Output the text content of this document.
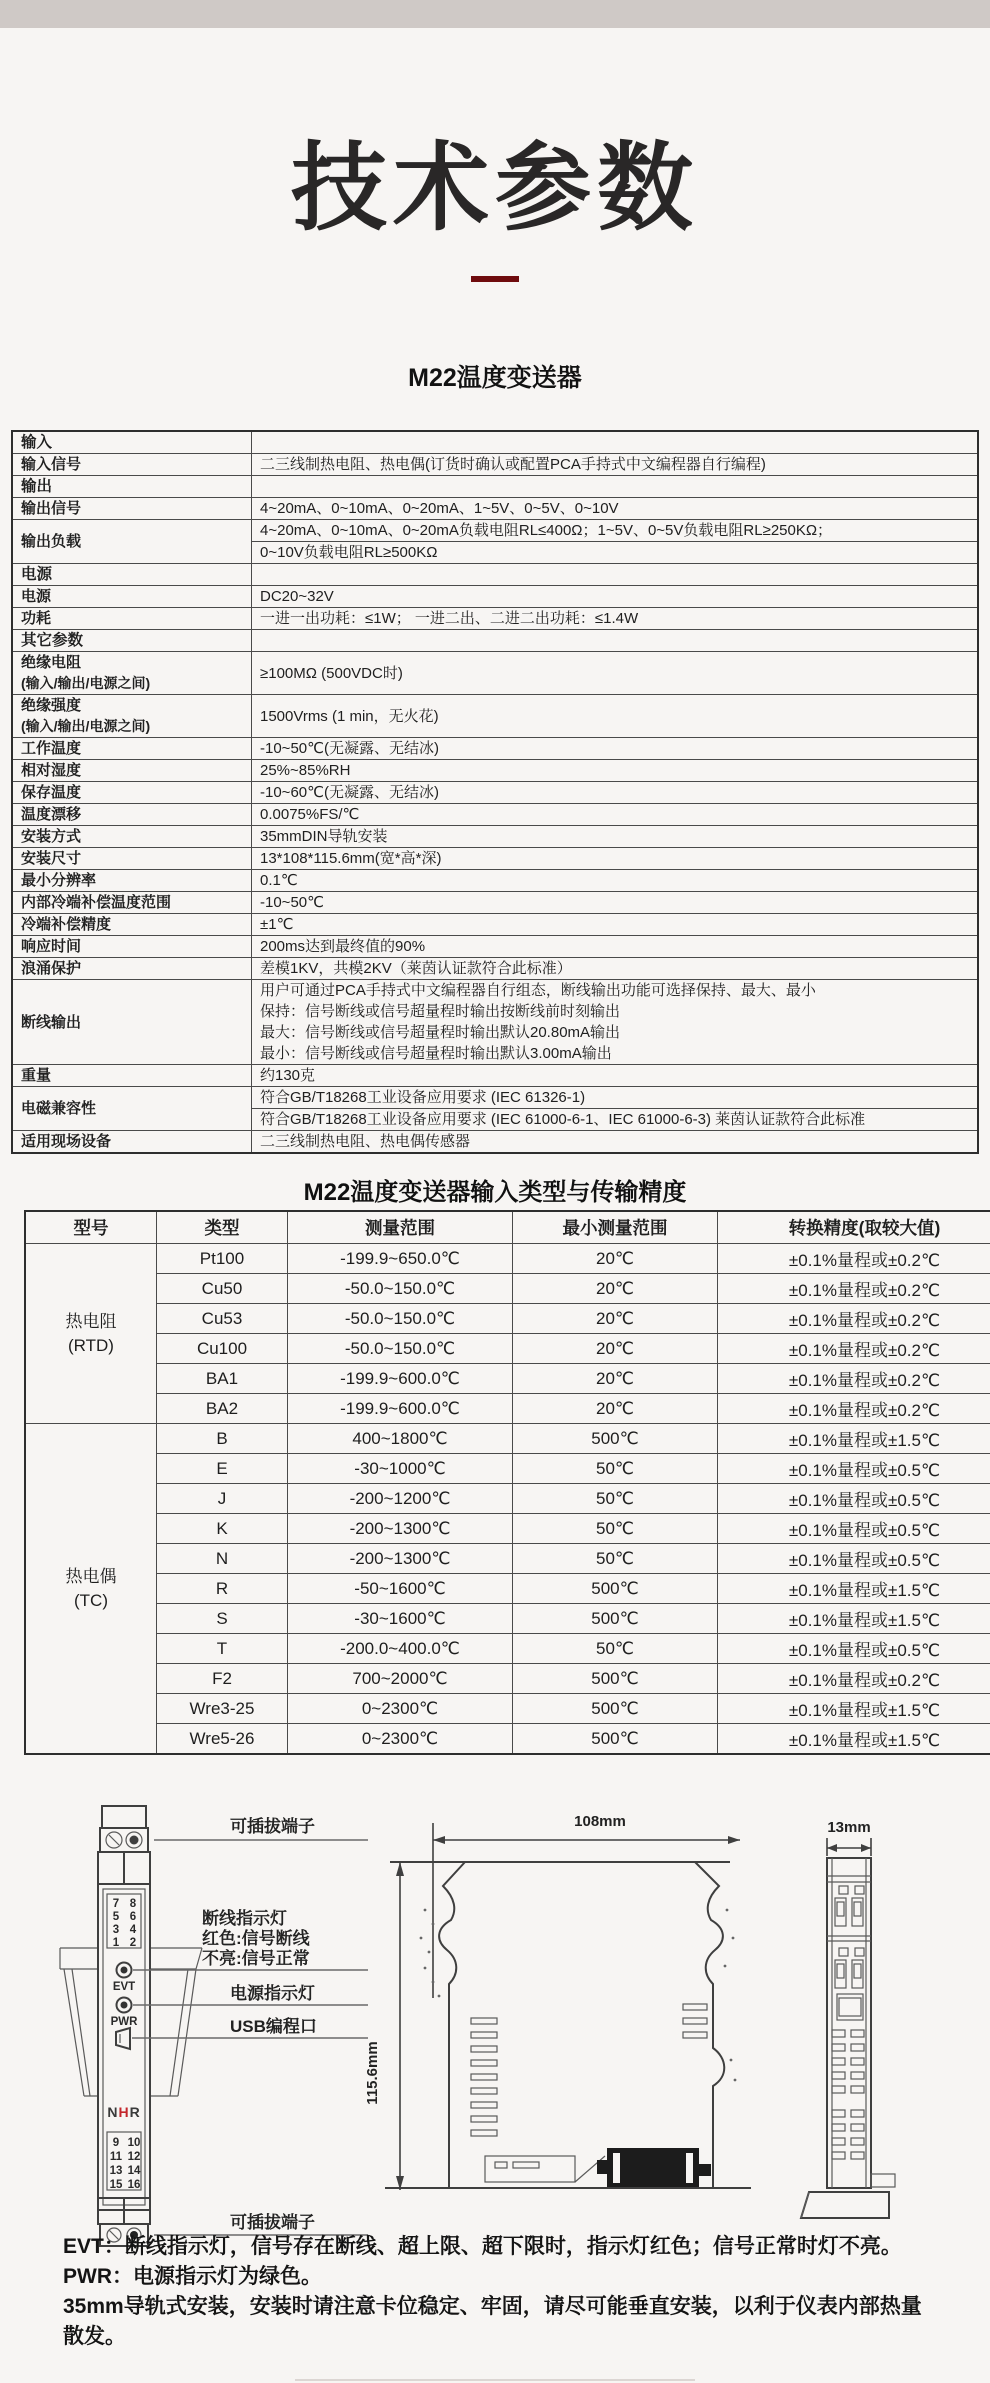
技术参数
M22温度变送器
输入	
输入信号	二三线制热电阻、热电偶(订货时确认或配置PCA手持式中文编程器自行编程)
输出	
输出信号	4~20mA、0~10mA、0~20mA、1~5V、0~5V、0~10V
输出负载	4~20mA、0~10mA、0~20mA负载电阻RL≤400Ω；1~5V、0~5V负载电阻RL≥250KΩ；
	0~10V负载电阻RL≥500KΩ
电源	
电源	DC20~32V
功耗	一进一出功耗：≤1W； 一进二出、二进二出功耗：≤1.4W
其它参数	

绝缘电阻
(输入/输出/电源之间)	≥100MΩ (500VDC时)

绝缘强度
(输入/输出/电源之间)	1500Vrms (1 min，无火花)
工作温度	-10~50℃(无凝露、无结冰)
相对湿度	25%~85%RH
保存温度	-10~60℃(无凝露、无结冰)
温度漂移	0.0075%FS/℃
安装方式	35mmDIN导轨安装
安装尺寸	13*108*115.6mm(宽*高*深)
最小分辨率	0.1℃
内部冷端补偿温度范围	-10~50℃
冷端补偿精度	±1℃
响应时间	200ms达到最终值的90%
浪涌保护	差模1KV，共模2KV（莱茵认证款符合此标准）
断线输出	用户可通过PCA手持式中文编程器自行组态，断线输出功能可选择保持、最大、最小
保持：信号断线或信号超量程时输出按断线前时刻输出
最大：信号断线或信号超量程时输出默认20.80mA输出
最小：信号断线或信号超量程时输出默认3.00mA输出

重量	约130克
电磁兼容性	符合GB/T18268工业设备应用要求 (IEC 61326-1)
	符合GB/T18268工业设备应用要求 (IEC 61000-6-1、IEC 61000-6-3) 莱茵认证款符合此标准
适用现场设备	二三线制热电阻、热电偶传感器
M22温度变送器输入类型与传输精度
型号	类型	测量范围	最小测量范围	转换精度(取较大值)

热电阻
(RTD)	Pt100	-199.9~650.0℃	20℃	±0.1%量程或±0.2℃
	Cu50	-50.0~150.0℃	20℃	±0.1%量程或±0.2℃
	Cu53	-50.0~150.0℃	20℃	±0.1%量程或±0.2℃
	Cu100	-50.0~150.0℃	20℃	±0.1%量程或±0.2℃
	BA1	-199.9~600.0℃	20℃	±0.1%量程或±0.2℃
	BA2	-199.9~600.0℃	20℃	±0.1%量程或±0.2℃

热电偶
(TC)	B	400~1800℃	500℃	±0.1%量程或±1.5℃
	E	-30~1000℃	50℃	±0.1%量程或±0.5℃
	J	-200~1200℃	50℃	±0.1%量程或±0.5℃
	K	-200~1300℃	50℃	±0.1%量程或±0.5℃
	N	-200~1300℃	50℃	±0.1%量程或±0.5℃
	R	-50~1600℃	500℃	±0.1%量程或±1.5℃
	S	-30~1600℃	500℃	±0.1%量程或±1.5℃
	T	-200.0~400.0℃	50℃	±0.1%量程或±0.5℃
	F2	700~2000℃	500℃	±0.1%量程或±0.2℃
	Wre3-25	0~2300℃	500℃	±0.1%量程或±1.5℃
	Wre5-26	0~2300℃	500℃	±0.1%量程或±1.5℃
7
5
3
1
8
6
4
2
EVT
PWR
NHR
9
11
13
15
10
12
14
16
可插拔端子
断线指示灯
红色:信号断线
不亮:信号正常
电源指示灯
USB编程口
可插拔端子
108mm
115.6mm
13mm

EVT：断线指示灯，信号存在断线、超上限、超下限时，指示灯红色；信号正常时灯不亮。

PWR：电源指示灯为绿色。

35mm导轨式安装，安装时请注意卡位稳定、牢固，请尽可能垂直安装，以利于仪表内部热量散发。
